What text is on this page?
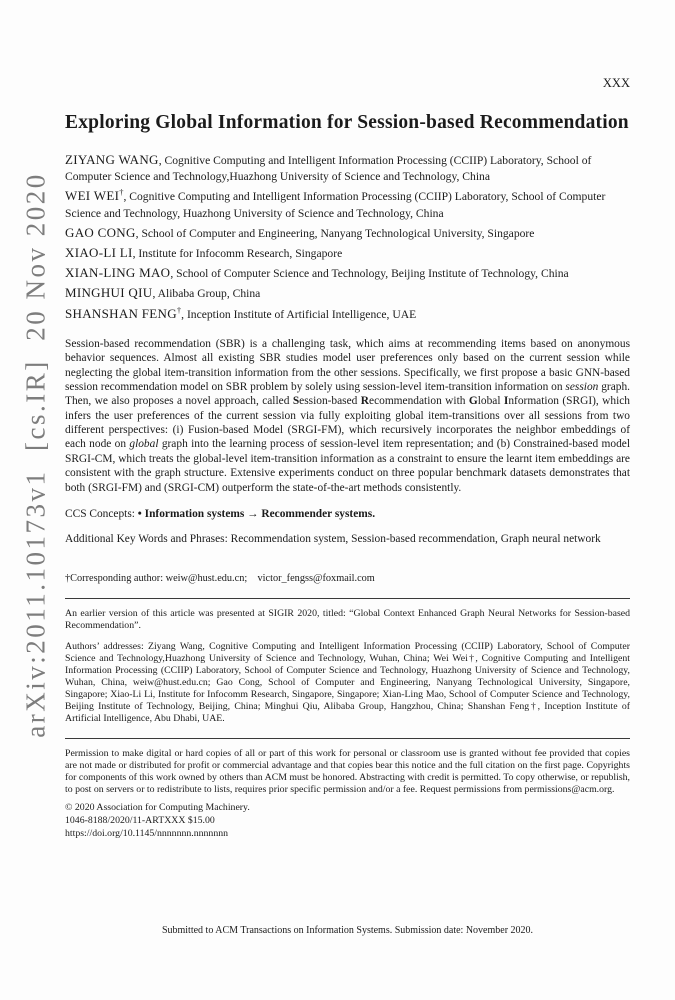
arXiv:2011.10173v1  [cs.IR]  20 Nov 2020
XXX
Exploring Global Information for Session-based Recommendation

ZIYANG WANG, Cognitive Computing and Intelligent Information Processing (CCIIP) Laboratory, School of Computer Science and Technology,Huazhong University of Science and Technology, China

WEI WEI†, Cognitive Computing and Intelligent Information Processing (CCIIP) Laboratory, School of Computer Science and Technology, Huazhong University of Science and Technology, China

GAO CONG, School of Computer and Engineering, Nanyang Technological University, Singapore

XIAO-LI LI, Institute for Infocomm Research, Singapore

XIAN-LING MAO, School of Computer Science and Technology, Beijing Institute of Technology, China

MINGHUI QIU, Alibaba Group, China

SHANSHAN FENG†, Inception Institute of Artificial Intelligence, UAE

Session-based recommendation (SBR) is a challenging task, which aims at recommending items based on anonymous behavior sequences. Almost all existing SBR studies model user preferences only based on the current session while neglecting the global item-transition information from the other sessions. Specifically, we first propose a basic GNN-based session recommendation model on SBR problem by solely using session-level item-transition information on session graph. Then, we also proposes a novel approach, called Session-based Recommendation with Global Information (SRGI), which infers the user preferences of the current session via fully exploiting global item-transitions over all sessions from two different perspectives: (i) Fusion-based Model (SRGI-FM), which recursively incorporates the neighbor embeddings of each node on global graph into the learning process of session-level item representation; and (b) Constrained-based model SRGI-CM, which treats the global-level item-transition information as a constraint to ensure the learnt item embeddings are consistent with the graph structure. Extensive experiments conduct on three popular benchmark datasets demonstrates that both (SRGI-FM) and (SRGI-CM) outperform the state-of-the-art methods consistently.

CCS Concepts: • Information systems → Recommender systems.

Additional Key Words and Phrases: Recommendation system, Session-based recommendation, Graph neural network

†Corresponding author: weiw@hust.edu.cn;    victor_fengss@foxmail.com

An earlier version of this article was presented at SIGIR 2020, titled: “Global Context Enhanced Graph Neural Networks for Session-based Recommendation”.

Authors’ addresses: Ziyang Wang, Cognitive Computing and Intelligent Information Processing (CCIIP) Laboratory, School of Computer Science and Technology,Huazhong University of Science and Technology, Wuhan, China; Wei Wei†, Cognitive Computing and Intelligent Information Processing (CCIIP) Laboratory, School of Computer Science and Technology, Huazhong University of Science and Technology, Wuhan, China, weiw@hust.edu.cn; Gao Cong, School of Computer and Engineering, Nanyang Technological University, Singapore, Singapore; Xiao-Li Li, Institute for Infocomm Research, Singapore, Singapore; Xian-Ling Mao, School of Computer Science and Technology, Beijing Institute of Technology, Beijing, China; Minghui Qiu, Alibaba Group, Hangzhou, China; Shanshan Feng†, Inception Institute of Artificial Intelligence, Abu Dhabi, UAE.

Permission to make digital or hard copies of all or part of this work for personal or classroom use is granted without fee provided that copies are not made or distributed for profit or commercial advantage and that copies bear this notice and the full citation on the first page. Copyrights for components of this work owned by others than ACM must be honored. Abstracting with credit is permitted. To copy otherwise, or republish, to post on servers or to redistribute to lists, requires prior specific permission and/or a fee. Request permissions from permissions@acm.org.

© 2020 Association for Computing Machinery.

1046-8188/2020/11-ARTXXX $15.00

https://doi.org/10.1145/nnnnnnn.nnnnnnn

Submitted to ACM Transactions on Information Systems. Submission date: November 2020.
